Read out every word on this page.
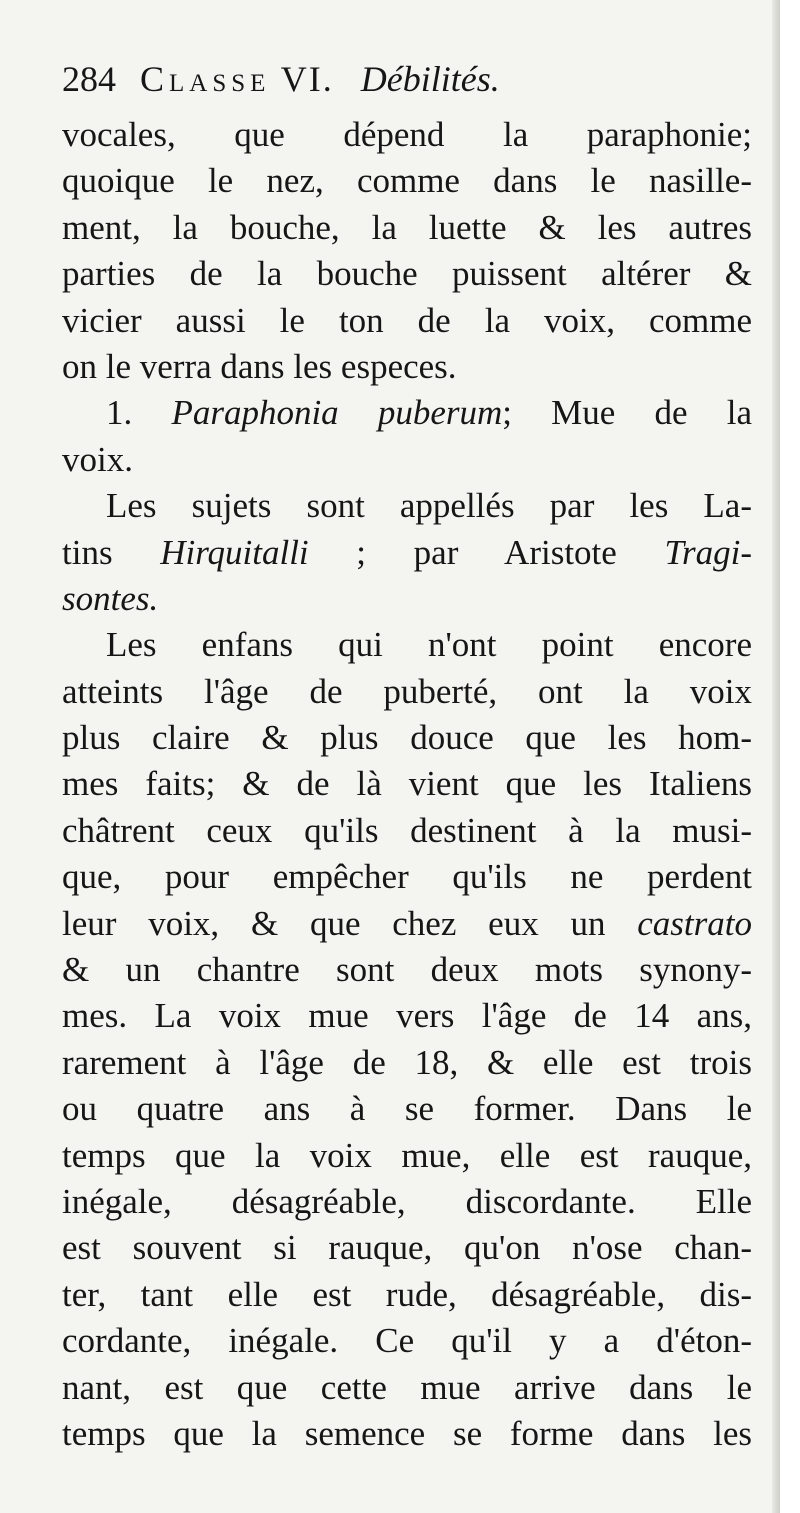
284 Classe VI. Débilités.
vocales, que dépend la paraphonie;
quoique le nez, comme dans le nasille-
ment, la bouche, la luette & les autres
parties de la bouche puissent altérer &
vicier aussi le ton de la voix, comme
on le verra dans les especes.
1. Paraphonia puberum; Mue de la
voix.
Les sujets sont appellés par les La-
tins Hirquitalli ; par Aristote Tragi-
sontes.
Les enfans qui n'ont point encore
atteints l'âge de puberté, ont la voix
plus claire & plus douce que les hom-
mes faits; & de là vient que les Italiens
châtrent ceux qu'ils destinent à la musi-
que, pour empêcher qu'ils ne perdent
leur voix, & que chez eux un castrato
& un chantre sont deux mots synony-
mes. La voix mue vers l'âge de 14 ans,
rarement à l'âge de 18, & elle est trois
ou quatre ans à se former. Dans le
temps que la voix mue, elle est rauque,
inégale, désagréable, discordante. Elle
est souvent si rauque, qu'on n'ose chan-
ter, tant elle est rude, désagréable, dis-
cordante, inégale. Ce qu'il y a d'éton-
nant, est que cette mue arrive dans le
temps que la semence se forme dans les
